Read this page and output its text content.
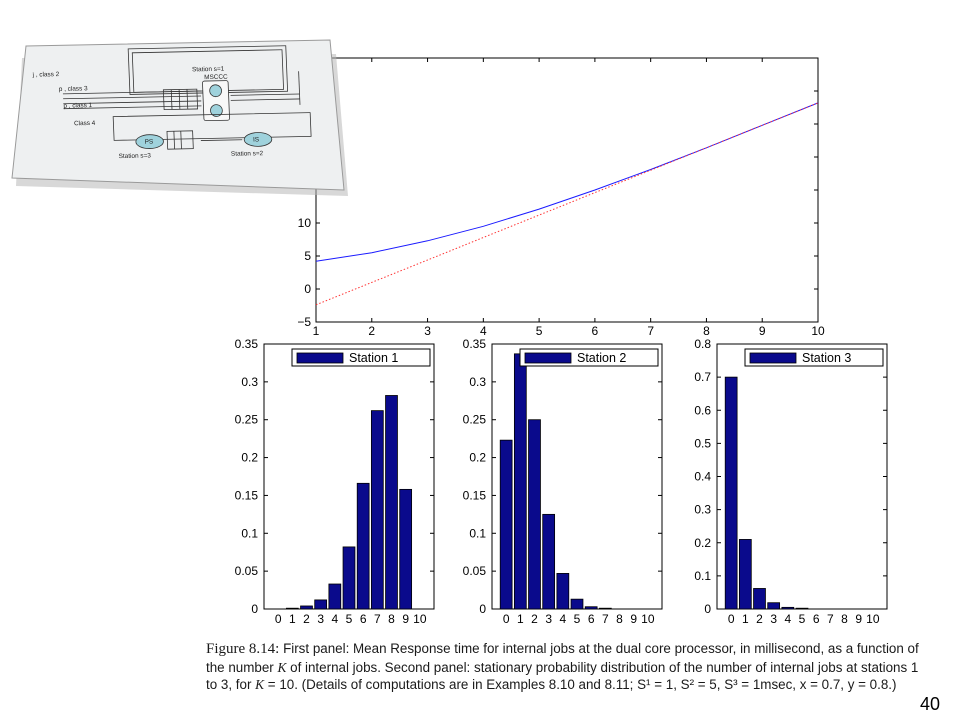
1	2	3	4	5	6	7	8	9	10
−5
0
5
10
0
0.05
0.1
0.15
0.2
0.25
0.3
0.35
0 1 2 3 4 5 6 7 8 9 10
Station 1
0
0.05
0.1
0.15
0.2
0.25
0.3
0.35
0 1 2 3 4 5 6 7 8 9 10
Station 2
0
0.1
0.2
0.3
0.4
0.5
0.6
0.7
0.8
0 1 2 3 4 5 6 7 8 9 10
Station 3
Station s=1
MSCCC
j , class 2
p , class 3
p , class 1
Class 4
PS	IS
Station s=3	Station s=2

Figure 8.14: First panel: Mean Response time for internal jobs at the dual core processor, in millisecond, as a function of the number K of internal jobs. Second panel: stationary probability distribution of the number of internal jobs at stations 1 to 3, for K = 10. (Details of computations are in Examples 8.10 and 8.11; S¹ = 1, S² = 5, S³ = 1msec, x = 0.7, y = 0.8.)

40
